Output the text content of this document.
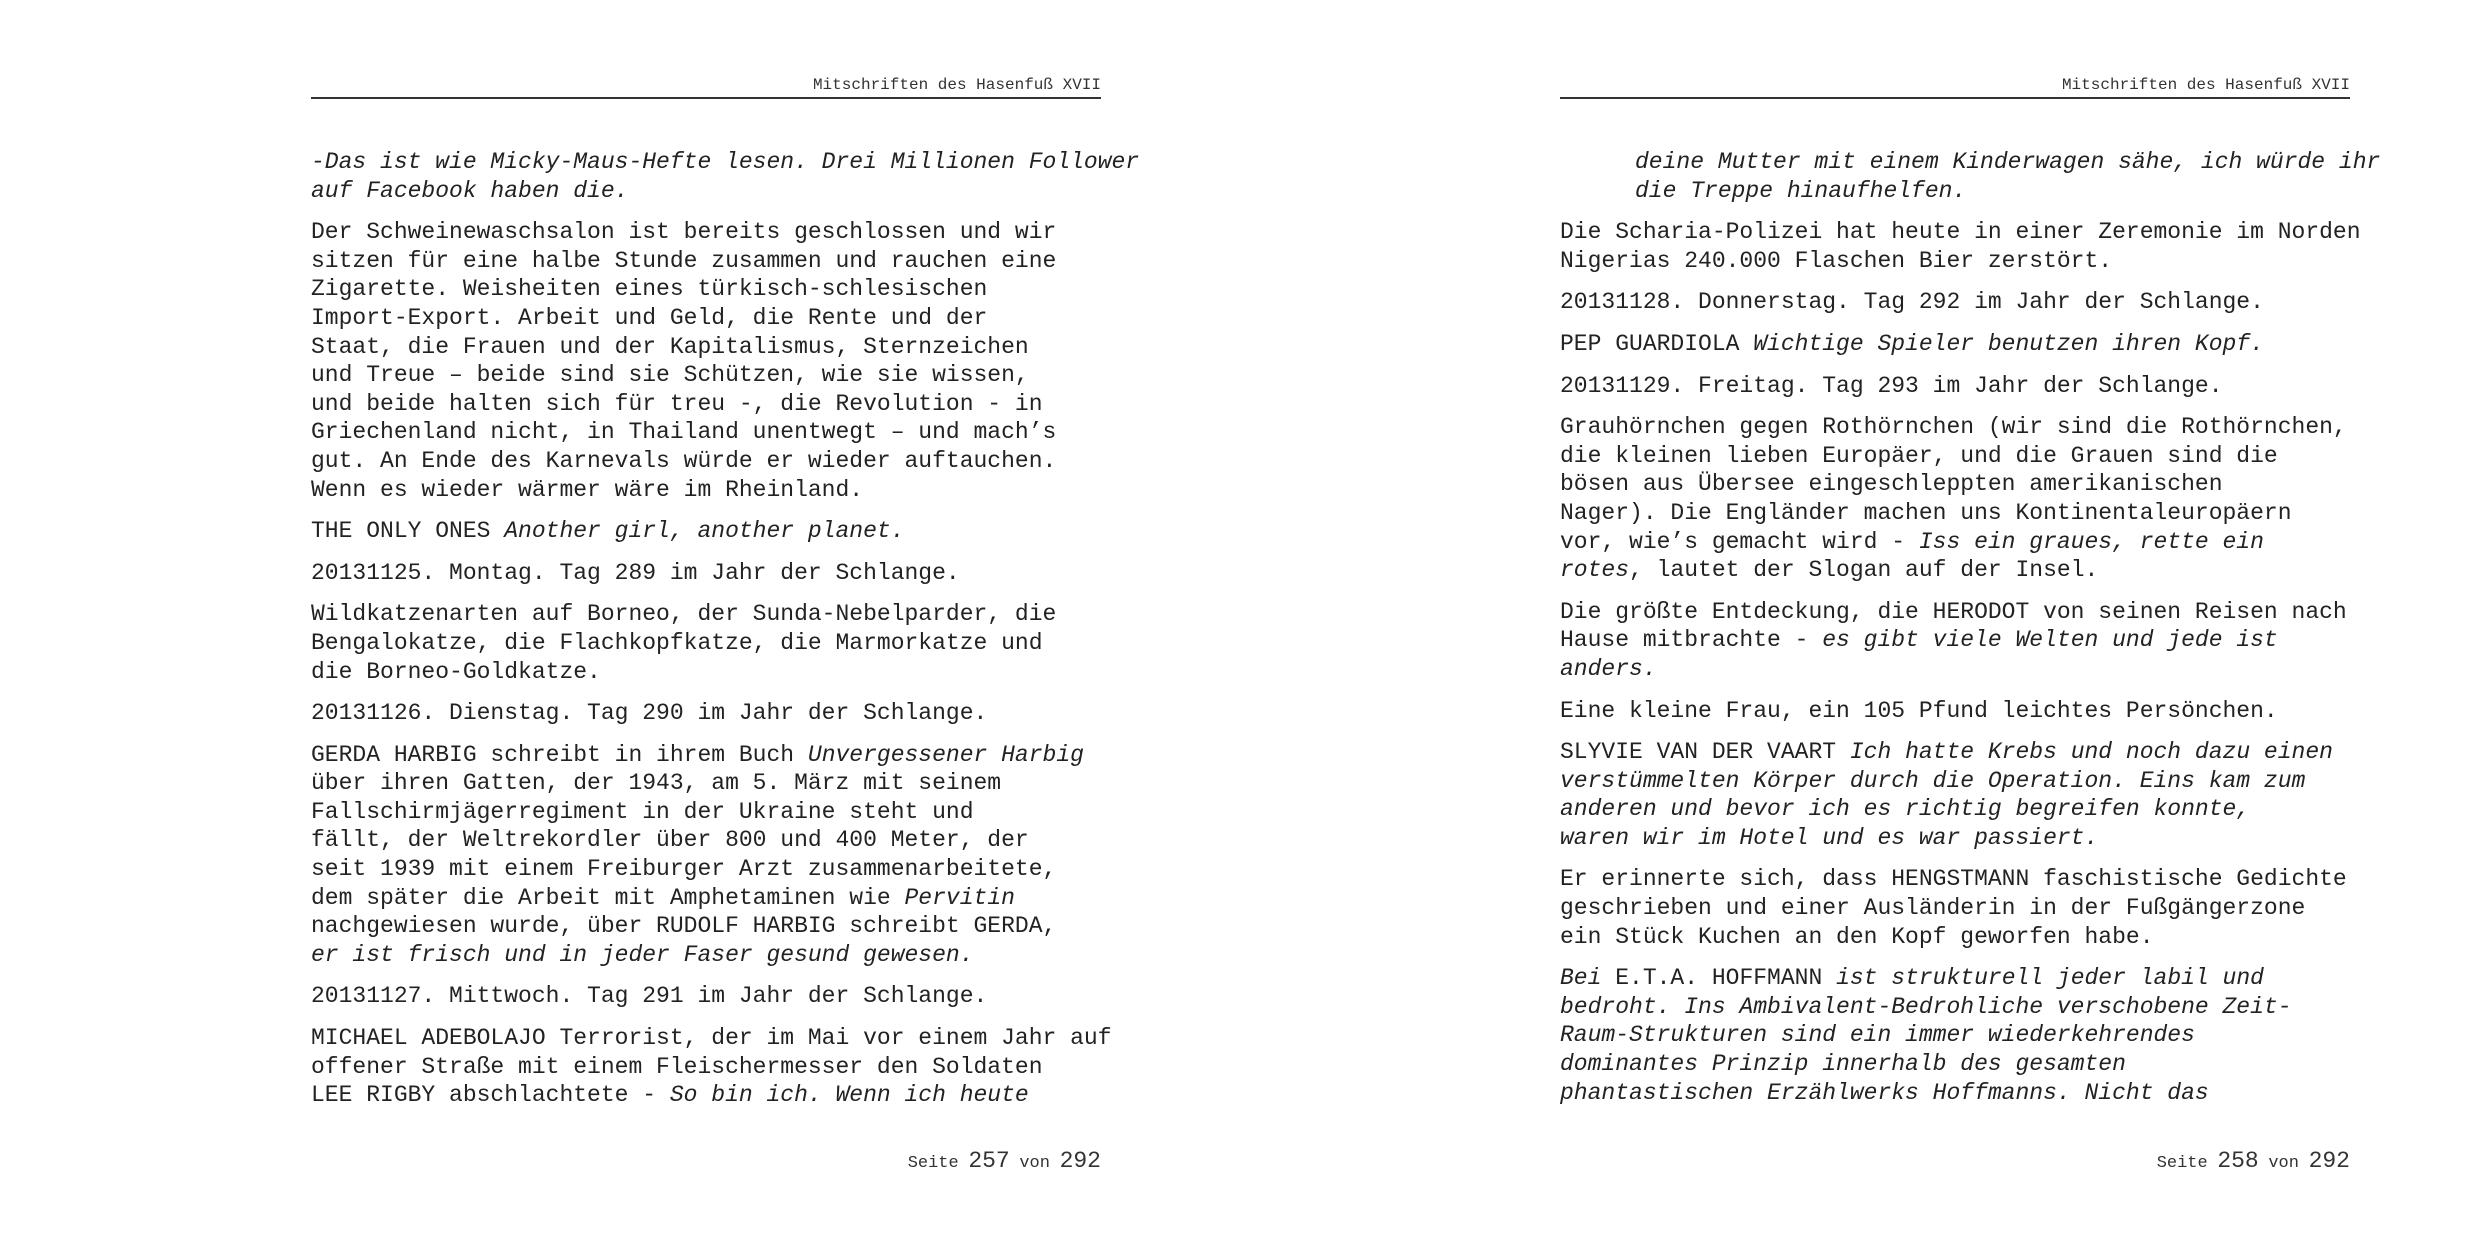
Mitschriften des Hasenfuß XVII

-Das ist wie Micky-Maus-Hefte lesen. Drei Millionen Follower
auf Facebook haben die.

Der Schweinewaschsalon ist bereits geschlossen und wir
sitzen für eine halbe Stunde zusammen und rauchen eine
Zigarette. Weisheiten eines türkisch-schlesischen
Import-Export. Arbeit und Geld, die Rente und der
Staat, die Frauen und der Kapitalismus, Sternzeichen
und Treue – beide sind sie Schützen, wie sie wissen,
und beide halten sich für treu -, die Revolution - in
Griechenland nicht, in Thailand unentwegt – und mach’s
gut. An Ende des Karnevals würde er wieder auftauchen.
Wenn es wieder wärmer wäre im Rheinland.

THE ONLY ONES Another girl, another planet.

20131125. Montag. Tag 289 im Jahr der Schlange.

Wildkatzenarten auf Borneo, der Sunda-Nebelparder, die
Bengalokatze, die Flachkopfkatze, die Marmorkatze und
die Borneo-Goldkatze.

20131126. Dienstag. Tag 290 im Jahr der Schlange.

GERDA HARBIG schreibt in ihrem Buch Unvergessener Harbig
über ihren Gatten, der 1943, am 5. März mit seinem
Fallschirmjägerregiment in der Ukraine steht und
fällt, der Weltrekordler über 800 und 400 Meter, der
seit 1939 mit einem Freiburger Arzt zusammenarbeitete,
dem später die Arbeit mit Amphetaminen wie Pervitin
nachgewiesen wurde, über RUDOLF HARBIG schreibt GERDA,
er ist frisch und in jeder Faser gesund gewesen.

20131127. Mittwoch. Tag 291 im Jahr der Schlange.

MICHAEL ADEBOLAJO Terrorist, der im Mai vor einem Jahr auf
offener Straße mit einem Fleischermesser den Soldaten
LEE RIGBY abschlachtete - So bin ich. Wenn ich heute

Seite 257 von 292
Mitschriften des Hasenfuß XVII

deine Mutter mit einem Kinderwagen sähe, ich würde ihr
die Treppe hinaufhelfen.

Die Scharia-Polizei hat heute in einer Zeremonie im Norden
Nigerias 240.000 Flaschen Bier zerstört.

20131128. Donnerstag. Tag 292 im Jahr der Schlange.

PEP GUARDIOLA Wichtige Spieler benutzen ihren Kopf.

20131129. Freitag. Tag 293 im Jahr der Schlange.

Grauhörnchen gegen Rothörnchen (wir sind die Rothörnchen,
die kleinen lieben Europäer, und die Grauen sind die
bösen aus Übersee eingeschleppten amerikanischen
Nager). Die Engländer machen uns Kontinentaleuropäern
vor, wie’s gemacht wird - Iss ein graues, rette ein
rotes, lautet der Slogan auf der Insel.

Die größte Entdeckung, die HERODOT von seinen Reisen nach
Hause mitbrachte - es gibt viele Welten und jede ist
anders.

Eine kleine Frau, ein 105 Pfund leichtes Persönchen.

SLYVIE VAN DER VAART Ich hatte Krebs und noch dazu einen
verstümmelten Körper durch die Operation. Eins kam zum
anderen und bevor ich es richtig begreifen konnte,
waren wir im Hotel und es war passiert.

Er erinnerte sich, dass HENGSTMANN faschistische Gedichte
geschrieben und einer Ausländerin in der Fußgängerzone
ein Stück Kuchen an den Kopf geworfen habe.

Bei E.T.A. HOFFMANN ist strukturell jeder labil und
bedroht. Ins Ambivalent-Bedrohliche verschobene Zeit-
Raum-Strukturen sind ein immer wiederkehrendes
dominantes Prinzip innerhalb des gesamten
phantastischen Erzählwerks Hoffmanns. Nicht das

Seite 258 von 292
